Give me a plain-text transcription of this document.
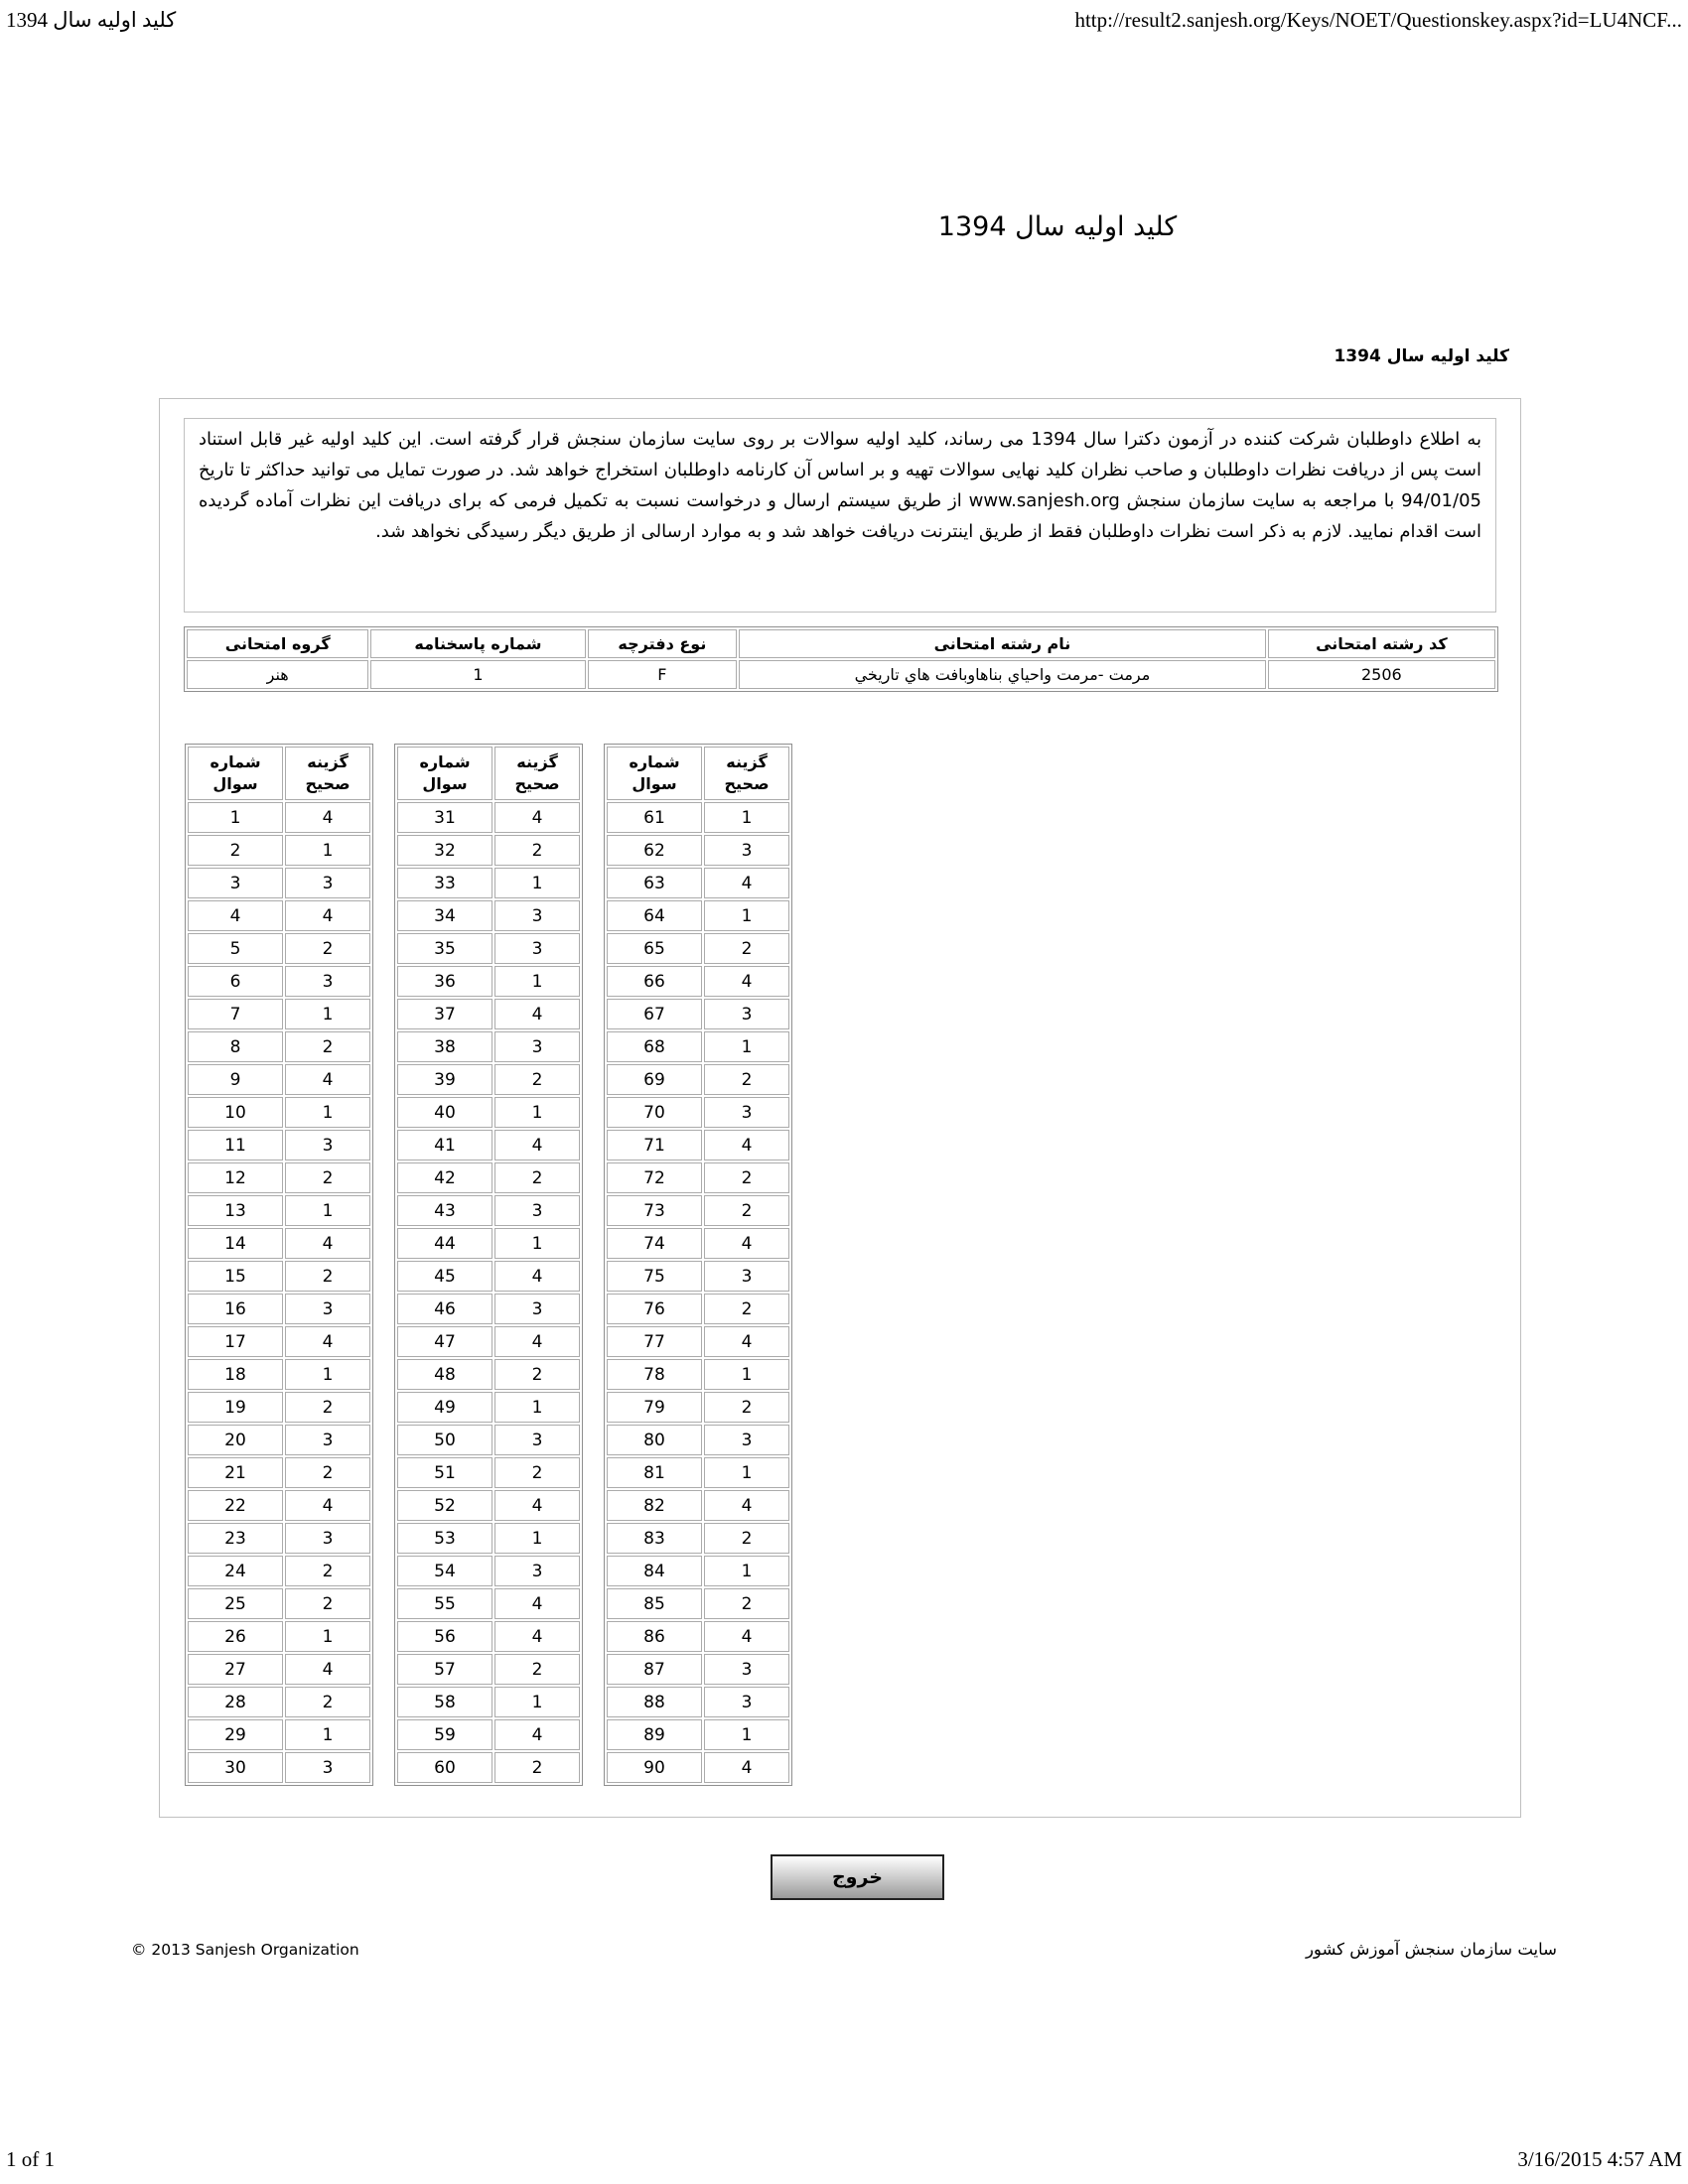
کلید اولیه سال 1394	http://result2.sanjesh.org/Keys/NOET/Questionskey.aspx?id=LU4NCF...
کلید اولیه سال 1394
کلید اولیه سال 1394

به اطلاع داوطلبان شرکت کننده در آزمون دکترا سال 1394 می رساند، کلید اولیه سوالات بر روی سایت سازمان سنجش قرار گرفته است. این کلید اولیه غیر قابل استناد است پس از دریافت نظرات داوطلبان و صاحب نظران کلید نهایی سوالات تهیه و بر اساس آن کارنامه داوطلبان استخراج خواهد شد. در صورت تمایل می توانید حداکثر تا تاریخ 94/01/05 با مراجعه به سایت سازمان سنجش www.sanjesh.org از طریق سیستم ارسال و درخواست نسبت به تکمیل فرمی که برای دریافت این نظرات آماده گردیده است اقدام نمایید. لازم به ذکر است نظرات داوطلبان فقط از طریق اینترنت دریافت خواهد شد و به موارد ارسالی از طریق دیگر رسیدگی نخواهد شد.

گروه امتحانی	شماره پاسخنامه	نوع دفترچه	نام رشته امتحانی	کد رشته امتحانی
هنر	1	F	مرمت -مرمت واحياي بناهاوبافت هاي تاريخي	2506
شماره سوال	گزینه صحیح
1	4
2	1
3	3
4	4
5	2
6	3
7	1
8	2
9	4
10	1
11	3
12	2
13	1
14	4
15	2
16	3
17	4
18	1
19	2
20	3
21	2
22	4
23	3
24	2
25	2
26	1
27	4
28	2
29	1
30	3
شماره سوال	گزینه صحیح
31	4
32	2
33	1
34	3
35	3
36	1
37	4
38	3
39	2
40	1
41	4
42	2
43	3
44	1
45	4
46	3
47	4
48	2
49	1
50	3
51	2
52	4
53	1
54	3
55	4
56	4
57	2
58	1
59	4
60	2
شماره سوال	گزینه صحیح
61	1
62	3
63	4
64	1
65	2
66	4
67	3
68	1
69	2
70	3
71	4
72	2
73	2
74	4
75	3
76	2
77	4
78	1
79	2
80	3
81	1
82	4
83	2
84	1
85	2
86	4
87	3
88	3
89	1
90	4
خروج
© 2013 Sanjesh Organization	سایت سازمان سنجش آموزش کشور
1 of 1	3/16/2015 4:57 AM
